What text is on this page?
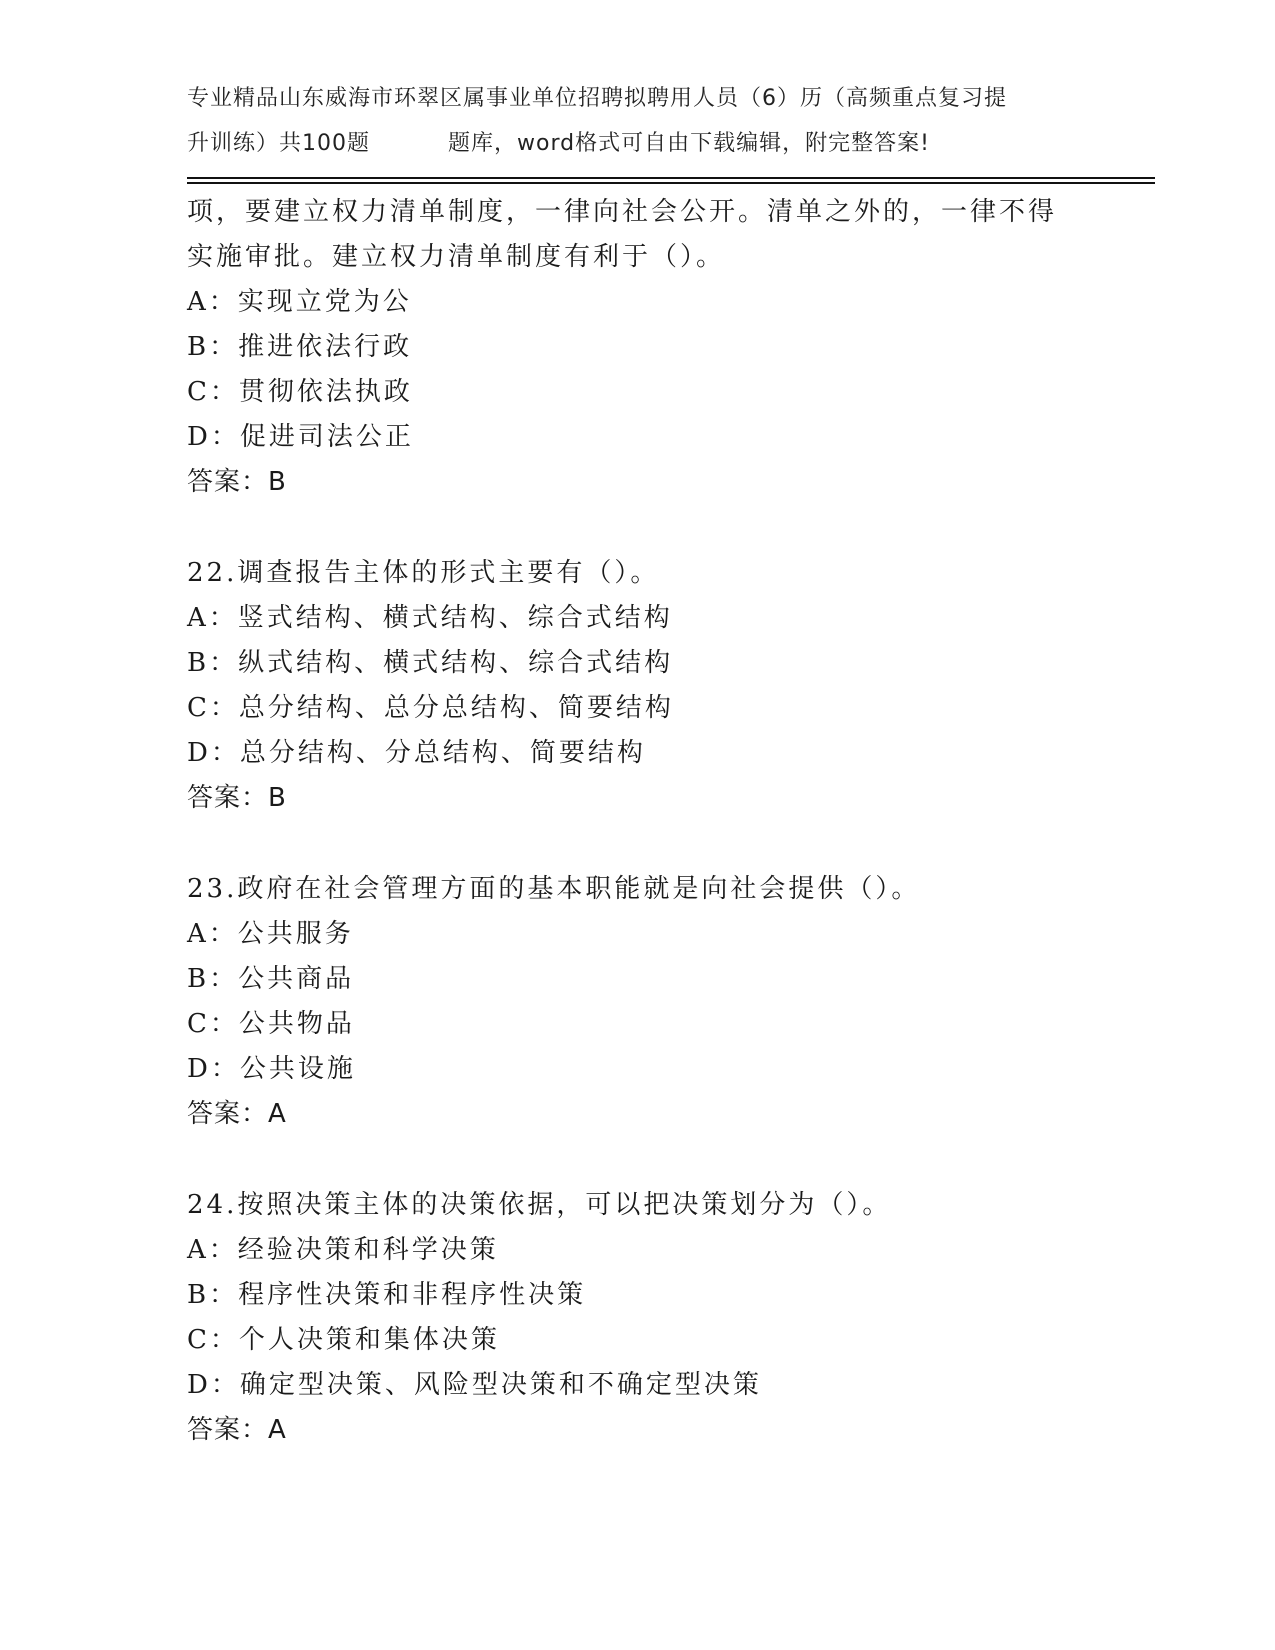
专业精品山东威海市环翠区属事业单位招聘拟聘用人员（6）历（高频重点复习提
升训练）共100题	题库，word格式可自由下载编辑，附完整答案!
项，要建立权力清单制度，一律向社会公开。清单之外的，一律不得
实施审批。建立权力清单制度有利于（）。
A：实现立党为公
B：推进依法行政
C：贯彻依法执政
D：促进司法公正
答案：B
22.调查报告主体的形式主要有（）。
A：竖式结构、横式结构、综合式结构
B：纵式结构、横式结构、综合式结构
C：总分结构、总分总结构、简要结构
D：总分结构、分总结构、简要结构
答案：B
23.政府在社会管理方面的基本职能就是向社会提供（）。
A：公共服务
B：公共商品
C：公共物品
D：公共设施
答案：A
24.按照决策主体的决策依据，可以把决策划分为（）。
A：经验决策和科学决策
B：程序性决策和非程序性决策
C：个人决策和集体决策
D：确定型决策、风险型决策和不确定型决策
答案：A
